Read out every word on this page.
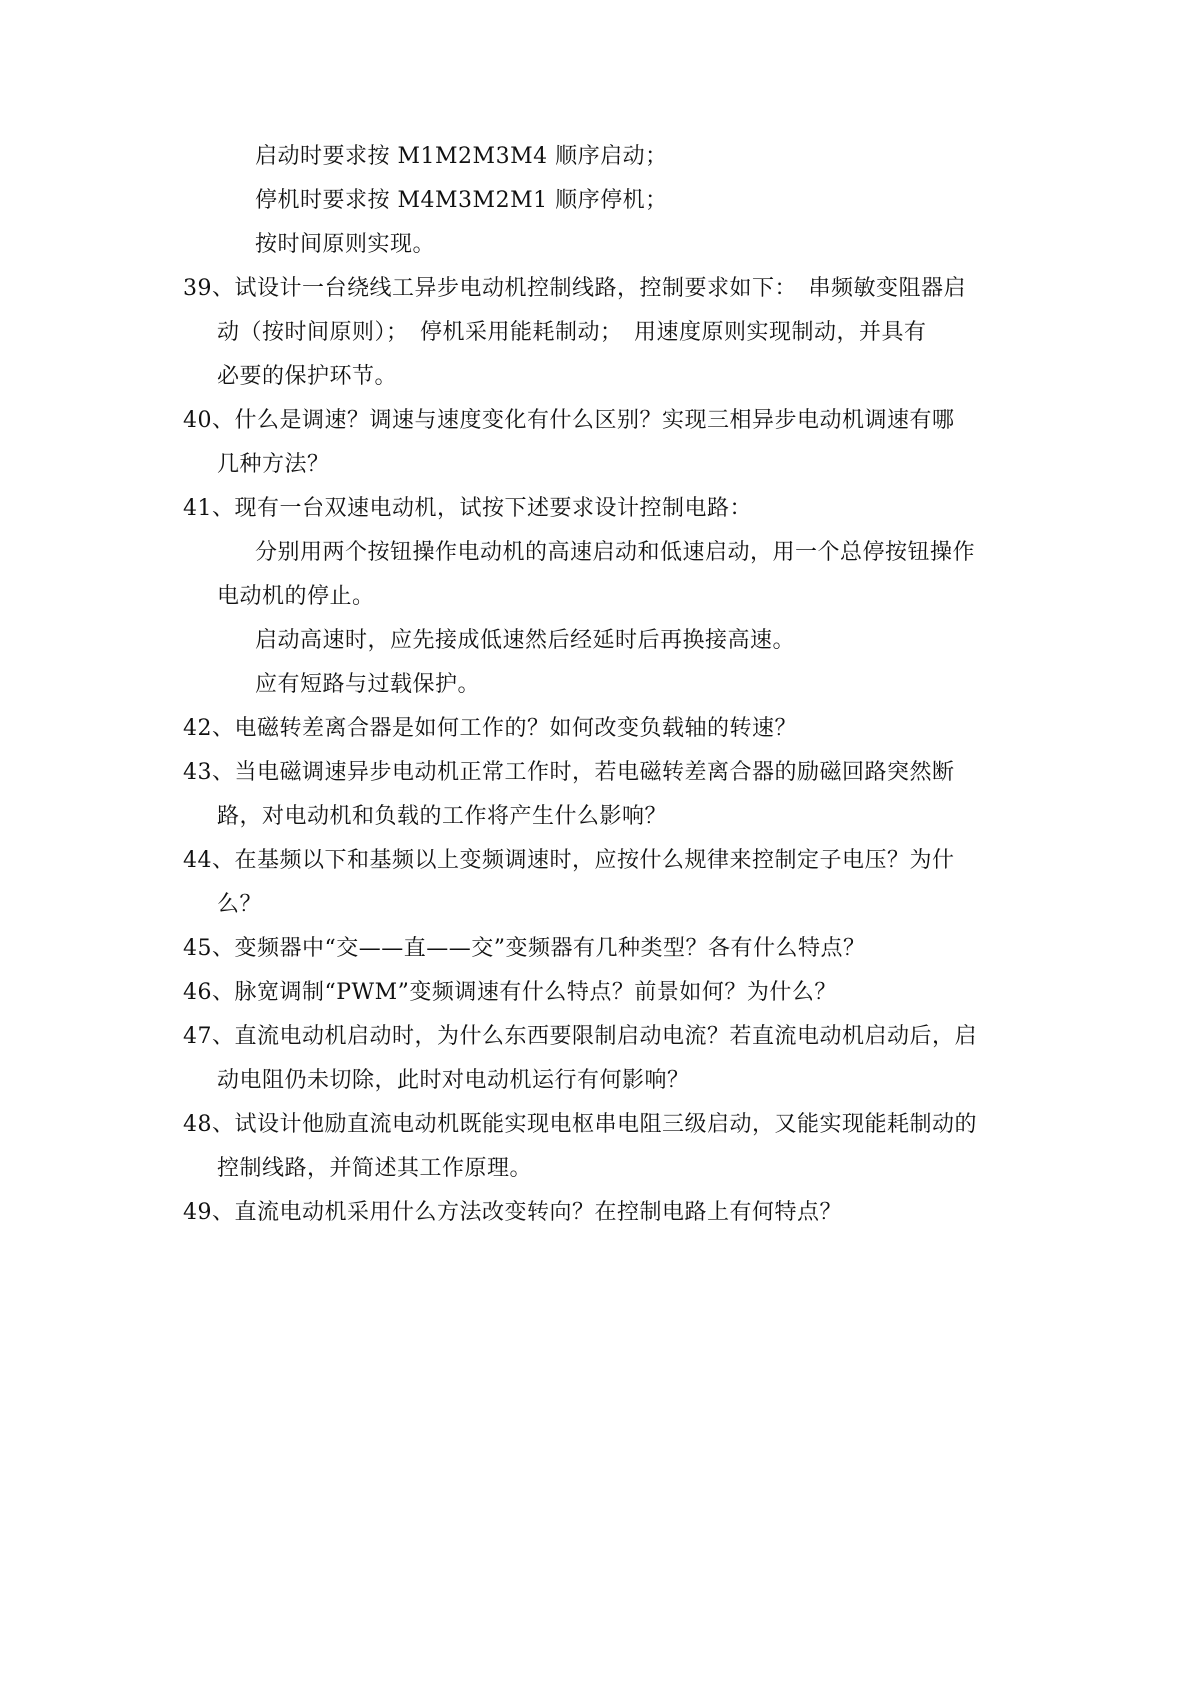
启动时要求按 M1M2M3M4 顺序启动；
停机时要求按 M4M3M2M1 顺序停机；
按时间原则实现。
39、试设计一台绕线工异步电动机控制线路，控制要求如下：　串频敏变阻器启
动（按时间原则）；　停机采用能耗制动；　用速度原则实现制动，并具有
必要的保护环节。
40、什么是调速？调速与速度变化有什么区别？实现三相异步电动机调速有哪
几种方法？
41、现有一台双速电动机，试按下述要求设计控制电路：
分别用两个按钮操作电动机的高速启动和低速启动，用一个总停按钮操作
电动机的停止。
启动高速时，应先接成低速然后经延时后再换接高速。
应有短路与过载保护。
42、电磁转差离合器是如何工作的？如何改变负载轴的转速？
43、当电磁调速异步电动机正常工作时，若电磁转差离合器的励磁回路突然断
路，对电动机和负载的工作将产生什么影响？
44、在基频以下和基频以上变频调速时，应按什么规律来控制定子电压？为什
么？
45、变频器中“交——直——交”变频器有几种类型？各有什么特点？
46、脉宽调制“PWM”变频调速有什么特点？前景如何？为什么？
47、直流电动机启动时，为什么东西要限制启动电流？若直流电动机启动后，启
动电阻仍未切除，此时对电动机运行有何影响？
48、试设计他励直流电动机既能实现电枢串电阻三级启动，又能实现能耗制动的
控制线路，并简述其工作原理。
49、直流电动机采用什么方法改变转向？在控制电路上有何特点？
